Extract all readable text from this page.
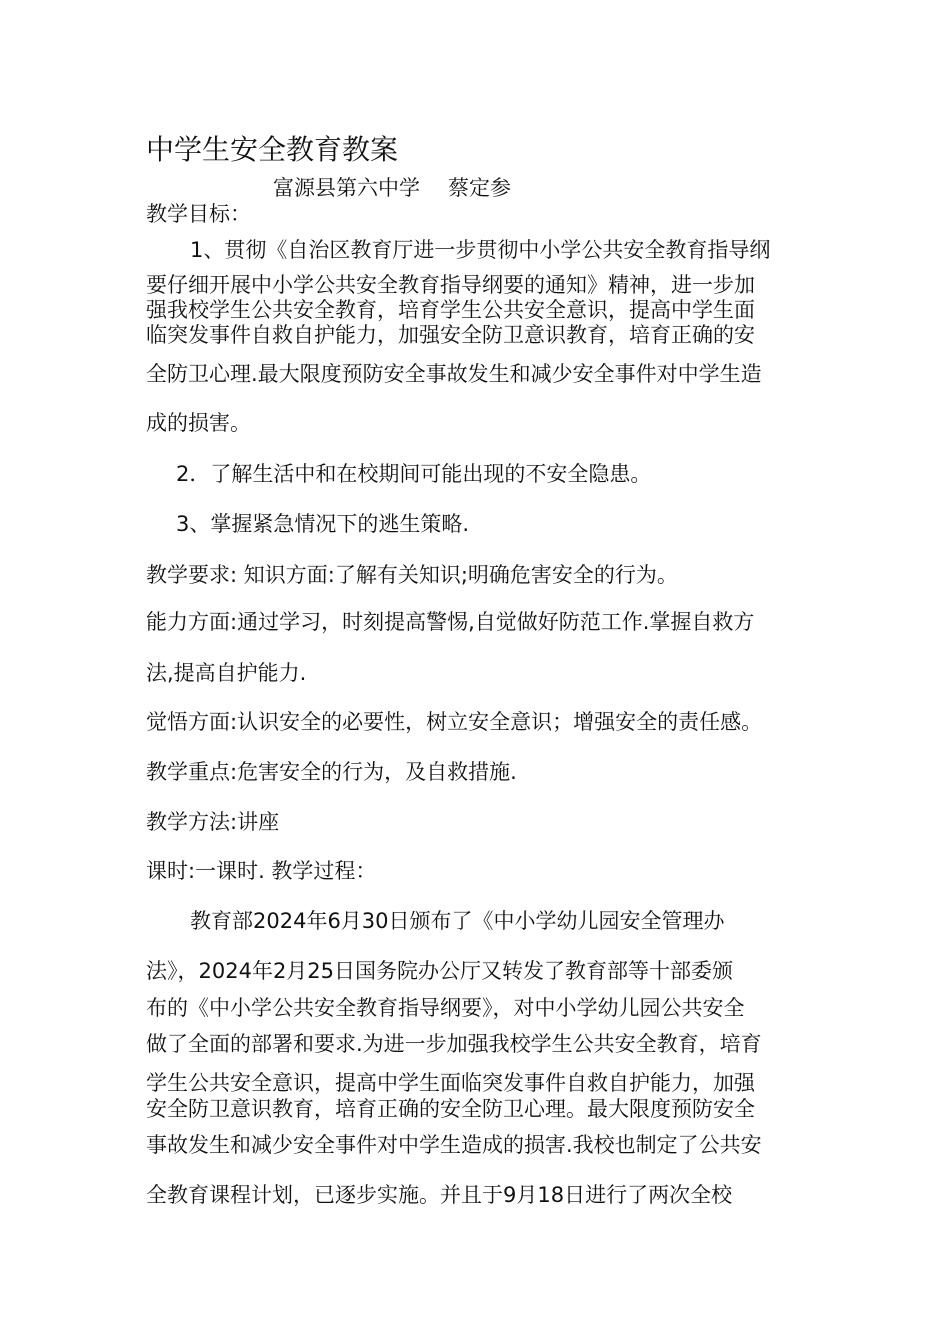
中学生安全教育教案
富源县第六中学 蔡定参
教学目标：
1、贯彻《自治区教育厅进一步贯彻中小学公共安全教育指导纲
要仔细开展中小学公共安全教育指导纲要的通知》精神，进一步加
强我校学生公共安全教育，培育学生公共安全意识，提高中学生面
临突发事件自救自护能力，加强安全防卫意识教育，培育正确的安
全防卫心理.最大限度预防安全事故发生和减少安全事件对中学生造
成的损害。
2．了解生活中和在校期间可能出现的不安全隐患。
3、掌握紧急情况下的逃生策略.
教学要求: 知识方面:了解有关知识;明确危害安全的行为。
能力方面:通过学习，时刻提高警惕,自觉做好防范工作.掌握自救方
法,提高自护能力.
觉悟方面:认识安全的必要性，树立安全意识；增强安全的责任感。
教学重点:危害安全的行为，及自救措施.
教学方法:讲座
课时:一课时. 教学过程：
教育部2024年6月30日颁布了《中小学幼儿园安全管理办
法》，2024年2月25日国务院办公厅又转发了教育部等十部委颁
布的《中小学公共安全教育指导纲要》，对中小学幼儿园公共安全
做了全面的部署和要求.为进一步加强我校学生公共安全教育，培育
学生公共安全意识，提高中学生面临突发事件自救自护能力，加强
安全防卫意识教育，培育正确的安全防卫心理。最大限度预防安全
事故发生和减少安全事件对中学生造成的损害.我校也制定了公共安
全教育课程计划，已逐步实施。并且于9月18日进行了两次全校
